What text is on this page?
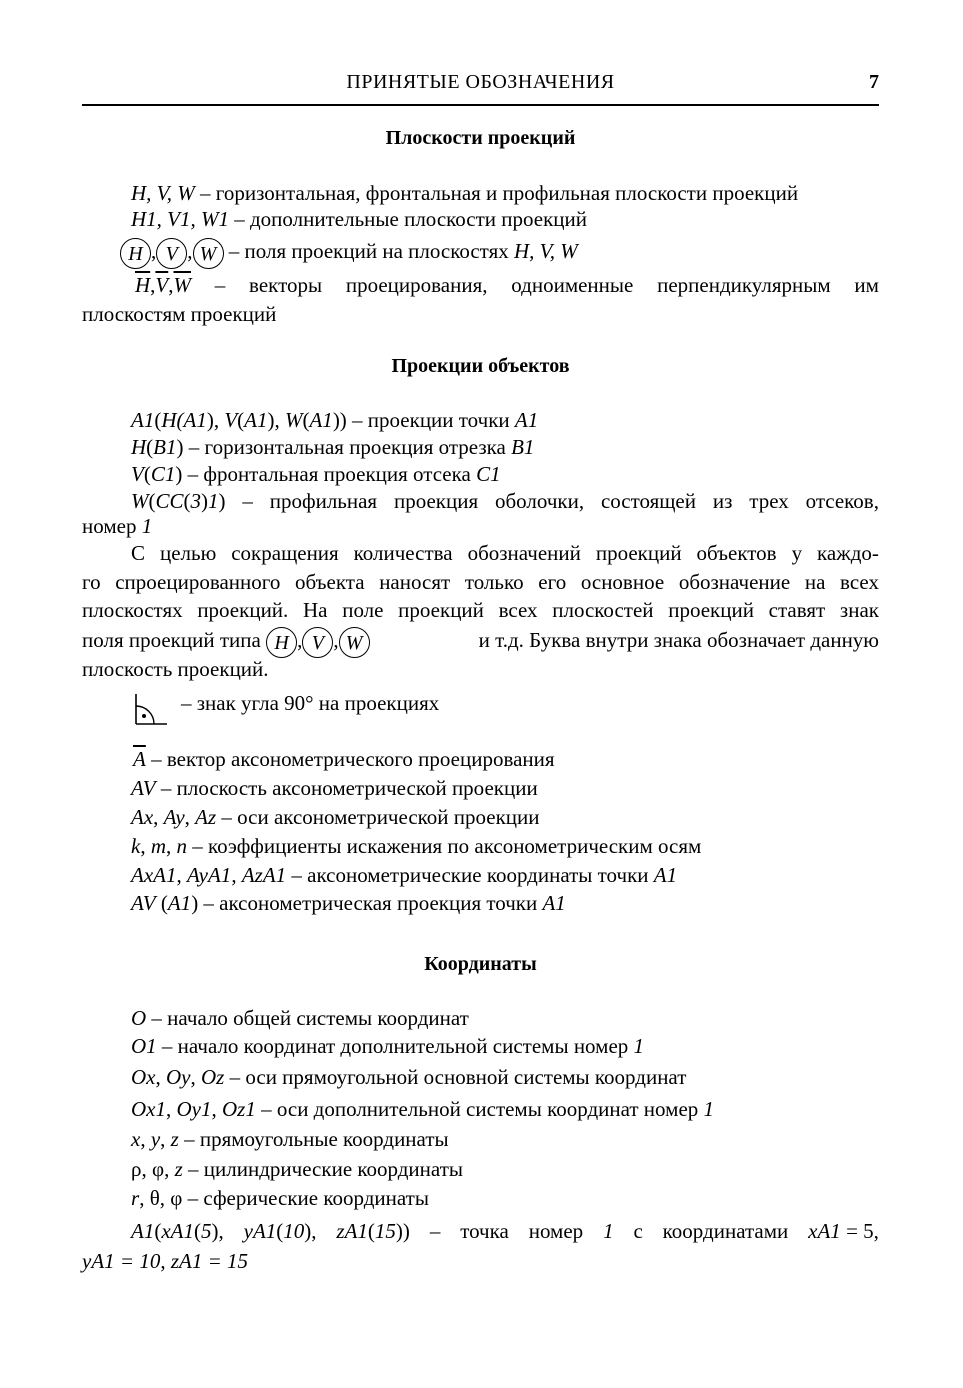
ПРИНЯТЫЕ ОБОЗНАЧЕНИЯ	7
Плоскости проекций
H, V, W – горизонтальная, фронтальная и профильная плоскости проекций
H1, V1, W1 – дополнительные плоскости проекций
H , V , W – поля проекций на плоскостях H, V, W
$\overline{H},\overline{V},\overline{W}$ – векторы проецирования, одноименные перпендикулярным им
плоскостям проекций
Проекции объектов
A1(H(A1), V(A1), W(A1)) – проекции точки A1
H(B1) – горизонтальная проекция отрезка B1
V(C1) – фронтальная проекция отсека C1
W(CC(3)1) – профильная проекция оболочки, состоящей из трех отсеков,
номер 1
С целью сокращения количества обозначений проекций объектов у каждо-
го спроецированного объекта наносят только его основное обозначение на всех
плоскостях проекций. На поле проекций всех плоскостей проекций ставят знак
поля проекций типа H , V , W	и т.д. Буква внутри знака обозначает данную
плоскость проекций.
– знак угла 90° на проекциях
$\overline{A}$ – вектор аксонометрического проецирования
AV – плоскость аксонометрической проекции
Ax, Ay, Az – оси аксонометрической проекции
k, m, n – коэффициенты искажения по аксонометрическим осям
AxA1, AyA1, AzA1 – аксонометрические координаты точки A1
AV (A1) – аксонометрическая проекция точки A1
Координаты
O – начало общей системы координат
O1 – начало координат дополнительной системы номер 1
Ox, Oy, Oz – оси прямоугольной основной системы координат
Ox1, Oy1, Oz1 – оси дополнительной системы координат номер 1
x, y, z – прямоугольные координаты
ρ, φ, z – цилиндрические координаты
r, θ, φ – сферические координаты
A1(xA1(5), yA1(10), zA1(15)) – точка номер 1 с координатами xA1 = 5,
yA1 = 10, zA1 = 15
